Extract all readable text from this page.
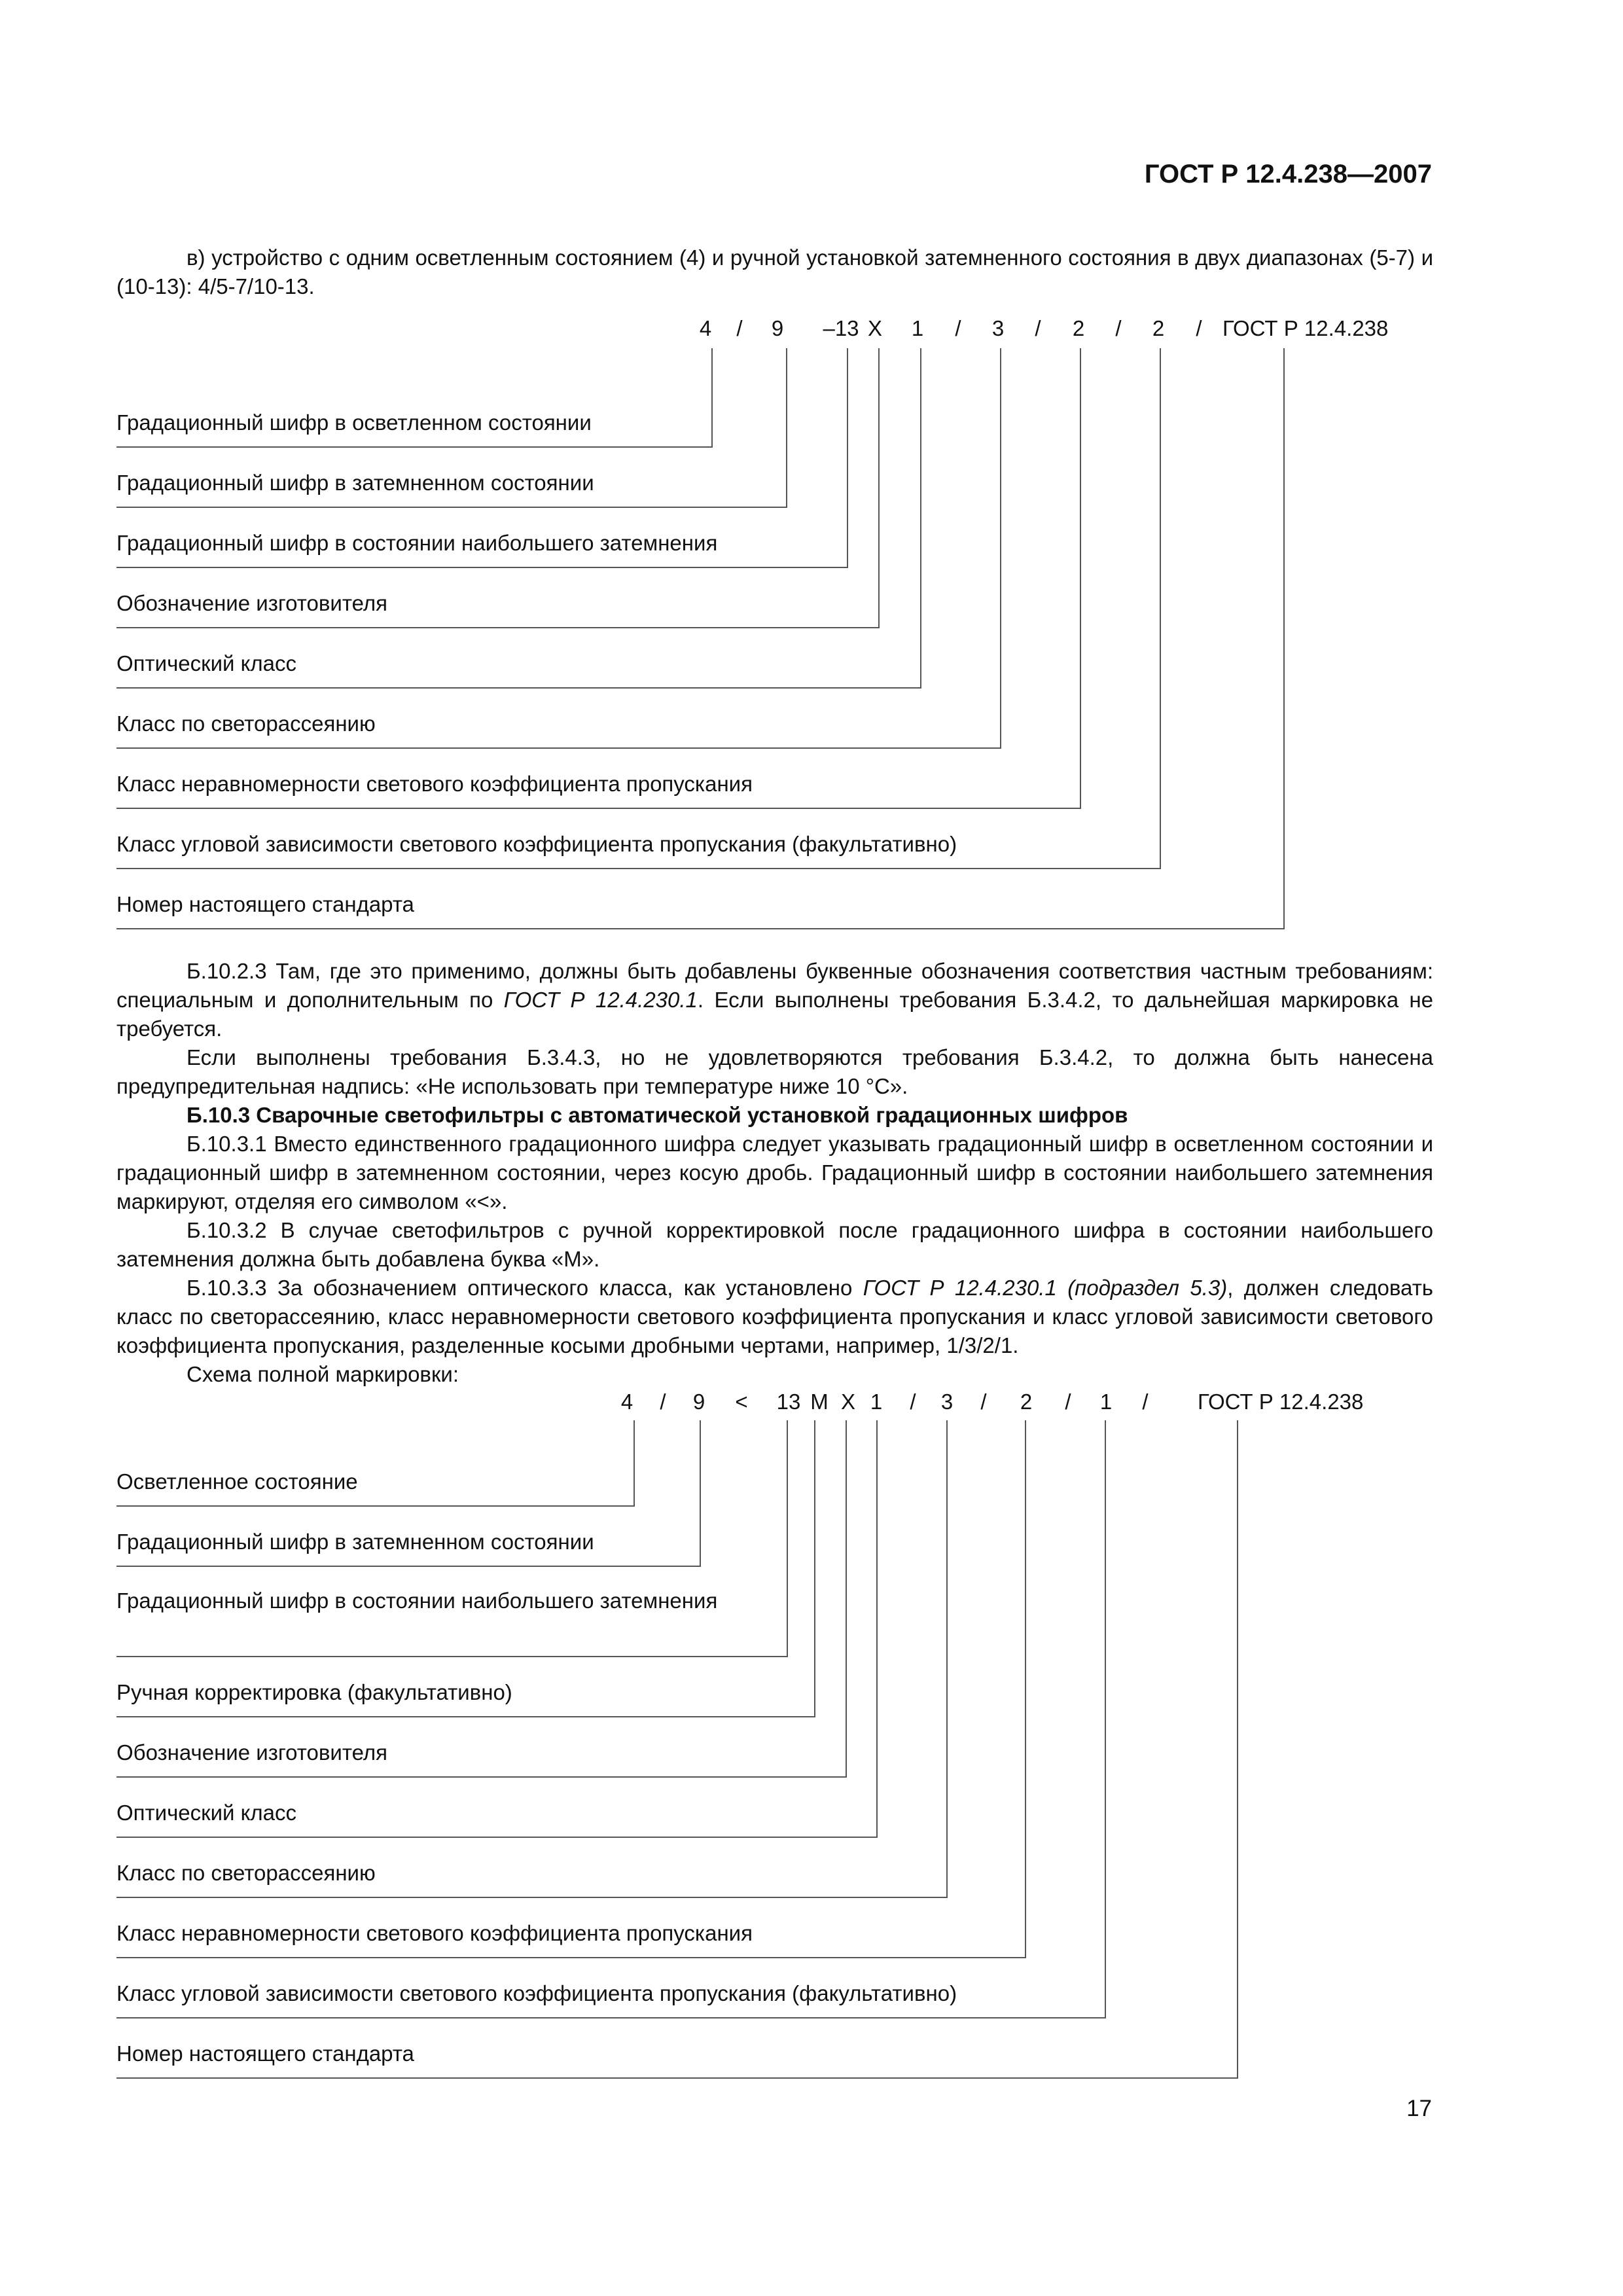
ГОСТ Р 12.4.238—2007
в) устройство с одним осветленным состоянием (4) и ручной установкой затемненного состояния в двух диапазонах (5-7) и (10-13): 4/5-7/10-13.
4 / 9 –13 X 1 / 3 / 2 / 2 / ГОСТ Р 12.4.238
Градационный шифр в осветленном состоянии
Градационный шифр в затемненном состоянии
Градационный шифр в состоянии наибольшего затемнения
Обозначение изготовителя
Оптический класс
Класс по светорассеянию
Класс неравномерности светового коэффициента пропускания
Класс угловой зависимости светового коэффициента пропускания (факультативно)
Номер настоящего стандарта
Б.10.2.3 Там, где это применимо, должны быть добавлены буквенные обозначения соответствия частным требованиям: специальным и дополнительным по ГОСТ Р 12.4.230.1. Если выполнены требования Б.3.4.2, то дальнейшая маркировка не требуется.
Если выполнены требования Б.3.4.3, но не удовлетворяются требования Б.3.4.2, то должна быть нанесена предупредительная надпись: «Не использовать при температуре ниже 10 °С».
Б.10.3 Сварочные светофильтры с автоматической установкой градационных шифров
Б.10.3.1 Вместо единственного градационного шифра следует указывать градационный шифр в осветленном состоянии и градационный шифр в затемненном состоянии, через косую дробь. Градационный шифр в состоянии наибольшего затемнения маркируют, отделяя его символом «<».
Б.10.3.2 В случае светофильтров с ручной корректировкой после градационного шифра в состоянии наибольшего затемнения должна быть добавлена буква «М».
Б.10.3.3 За обозначением оптического класса, как установлено ГОСТ Р 12.4.230.1 (подраздел 5.3), должен следовать класс по светорассеянию, класс неравномерности светового коэффициента пропускания и класс угловой зависимости светового коэффициента пропускания, разделенные косыми дробными чертами, например, 1/3/2/1.
Схема полной маркировки:
4 / 9 < 13 M X 1 / 3 / 2 / 1 / ГОСТ Р 12.4.238
Осветленное состояние
Градационный шифр в затемненном состоянии
Градационный шифр в состоянии наибольшего затемнения
Ручная корректировка (факультативно)
Обозначение изготовителя
Оптический класс
Класс по светорассеянию
Класс неравномерности светового коэффициента пропускания
Класс угловой зависимости светового коэффициента пропускания (факультативно)
Номер настоящего стандарта
17
